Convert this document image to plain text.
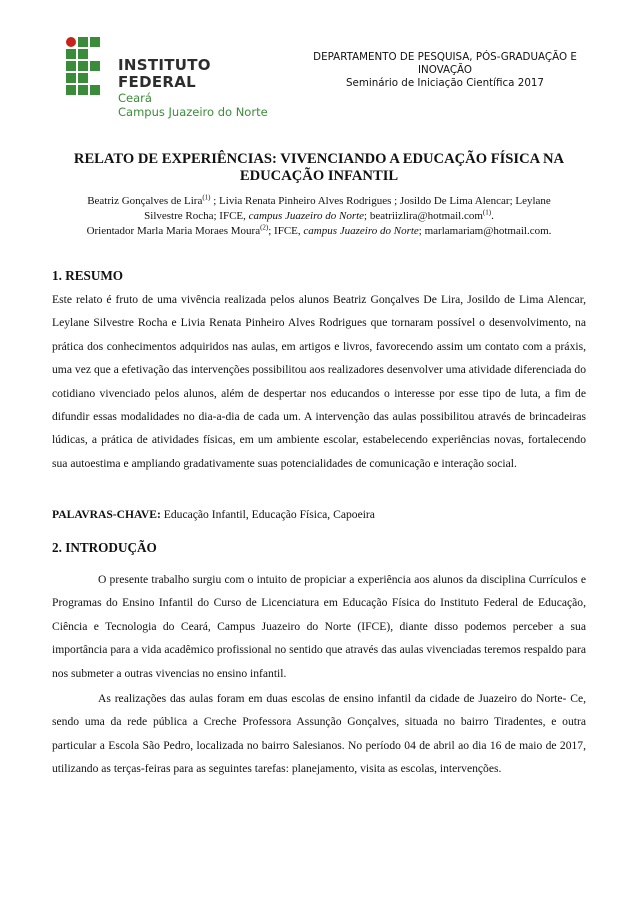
INSTITUTO FEDERAL
Ceará
Campus Juazeiro do Norte
DEPARTAMENTO DE PESQUISA, PÓS-GRADUAÇÃO E
INOVAÇÃO
Seminário de Iniciação Científica 2017
RELATO DE EXPERIÊNCIAS: VIVENCIANDO A EDUCAÇÃO FÍSICA NA
EDUCAÇÃO INFANTIL
Beatriz Gonçalves de Lira$^{(1)}$ ; Livia Renata Pinheiro Alves Rodrigues ; Josildo De Lima Alencar; Leylane
Silvestre Rocha; IFCE, campus Juazeiro do Norte; beatriizlira@hotmail.com$^{(1)}$.
Orientador Marla Maria Moraes Moura$^{(2)}$; IFCE, campus Juazeiro do Norte; marlamariam@hotmail.com.
1. RESUMO
Este relato é fruto de uma vivência realizada pelos alunos Beatriz Gonçalves De Lira, Josildo de Lima Alencar, Leylane Silvestre Rocha e Livia Renata Pinheiro Alves Rodrigues que tornaram possível o desenvolvimento, na prática dos conhecimentos adquiridos nas aulas, em artigos e livros, favorecendo assim um contato com a práxis, uma vez que a efetivação das intervenções possibilitou aos realizadores desenvolver uma atividade diferenciada do cotidiano vivenciado pelos alunos, além de despertar nos educandos o interesse por esse tipo de luta, a fim de difundir essas modalidades no dia-a-dia de cada um. A intervenção das aulas possibilitou através de brincadeiras lúdicas, a prática de atividades físicas, em um ambiente escolar, estabelecendo experiências novas, fortalecendo sua autoestima e ampliando gradativamente suas potencialidades de comunicação e interação social.
PALAVRAS-CHAVE: Educação Infantil, Educação Física, Capoeira
2. INTRODUÇÃO
O presente trabalho surgiu com o intuito de propiciar a experiência aos alunos da disciplina Currículos e Programas do Ensino Infantil do Curso de Licenciatura em Educação Física do Instituto Federal de Educação, Ciência e Tecnologia do Ceará, Campus Juazeiro do Norte (IFCE), diante disso podemos perceber a sua importância para a vida acadêmico profissional no sentido que através das aulas vivenciadas teremos respaldo para nos submeter a outras vivencias no ensino infantil.
As realizações das aulas foram em duas escolas de ensino infantil da cidade de Juazeiro do Norte- Ce, sendo uma da rede pública a Creche Professora Assunção Gonçalves, situada no bairro Tiradentes, e outra particular a Escola São Pedro, localizada no bairro Salesianos. No período 04 de abril ao dia 16 de maio de 2017, utilizando as terças-feiras para as seguintes tarefas: planejamento, visita as escolas, intervenções.
